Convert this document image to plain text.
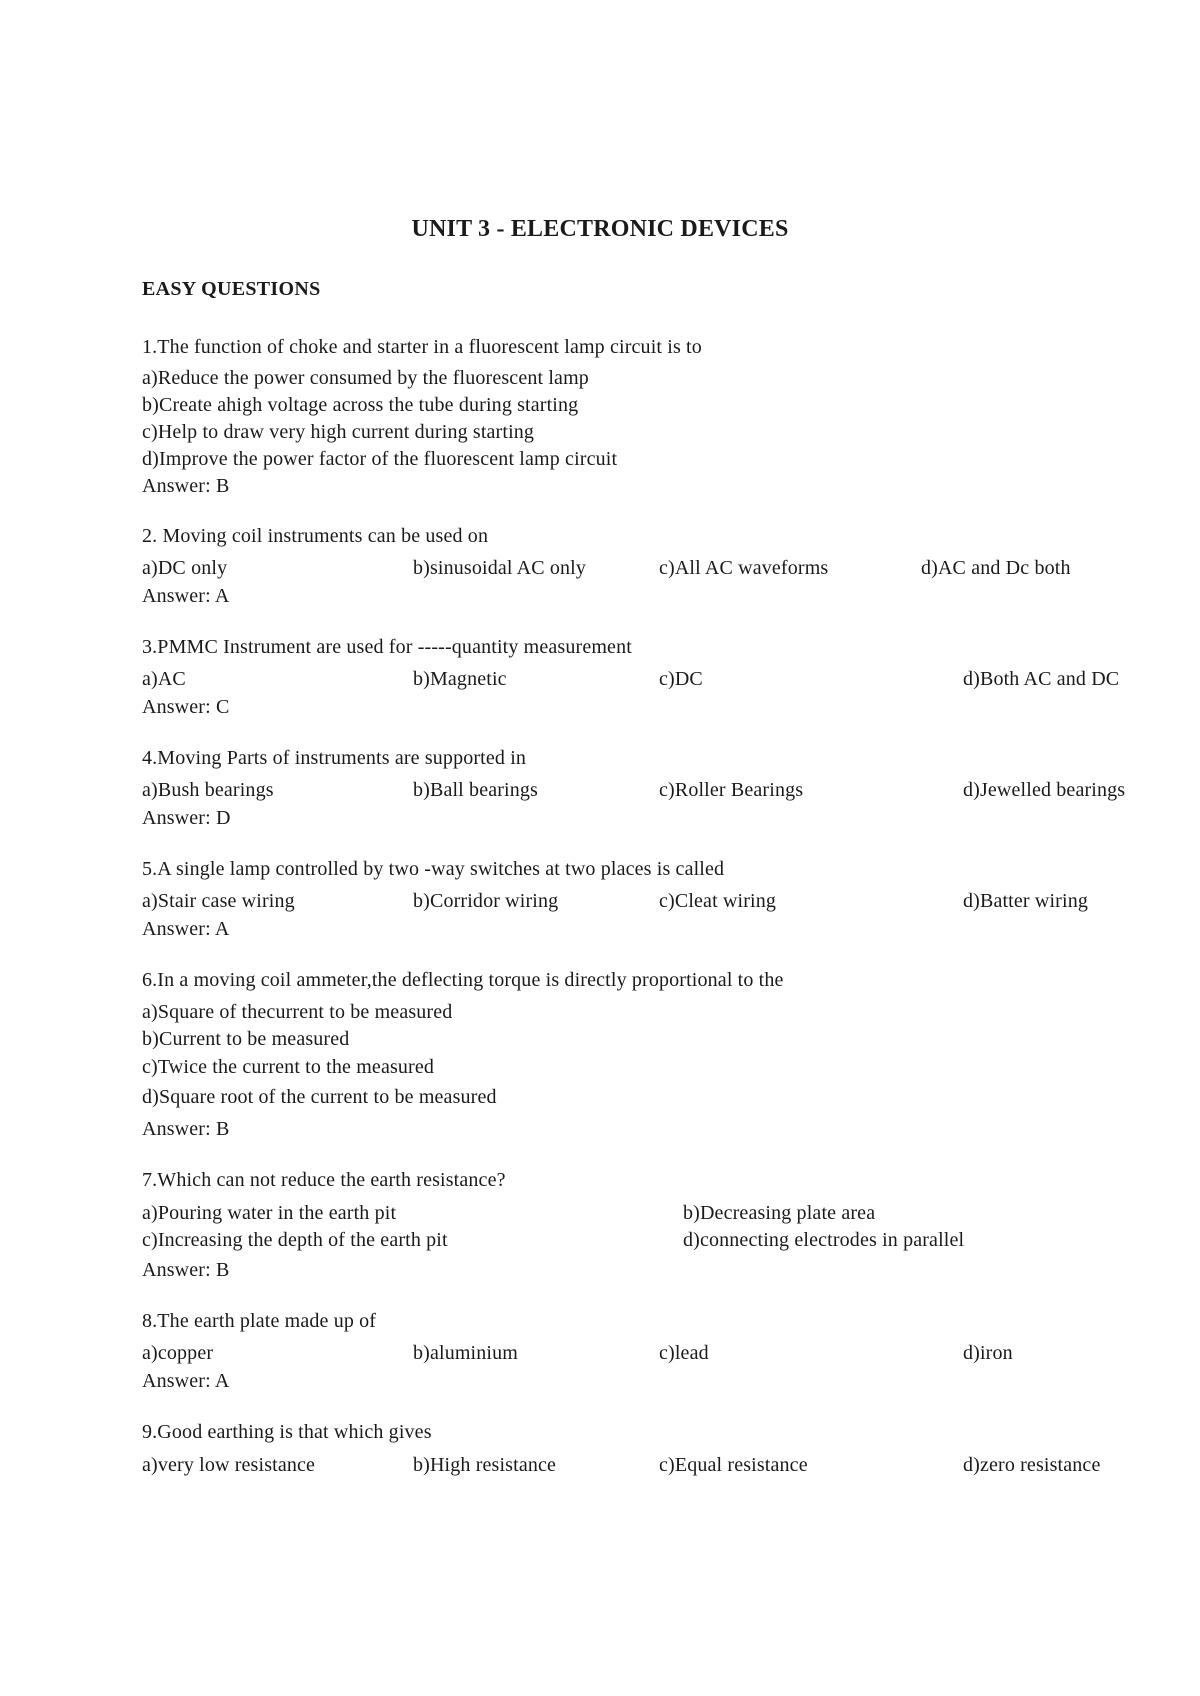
UNIT 3 - ELECTRONIC DEVICES
EASY QUESTIONS
1.The function of choke and starter in a fluorescent lamp circuit is to
a)Reduce the power consumed by the fluorescent lamp
b)Create ahigh voltage across the tube during starting
c)Help to draw very high current during starting
d)Improve the power factor of the fluorescent lamp circuit
Answer: B
2. Moving coil instruments can be used on
a)DC only	b)sinusoidal AC only	c)All AC waveforms	d)AC and Dc both
Answer: A
3.PMMC Instrument are used for -----quantity measurement
a)AC	b)Magnetic	c)DC	d)Both AC and DC
Answer: C
4.Moving Parts of instruments are supported in
a)Bush bearings	b)Ball bearings	c)Roller Bearings	d)Jewelled bearings
Answer: D
5.A single lamp controlled by two -way switches at two places is called
a)Stair case wiring	b)Corridor wiring	c)Cleat wiring	d)Batter wiring
Answer: A
6.In a moving coil ammeter,the deflecting torque is directly proportional to the
a)Square of thecurrent to be measured
b)Current to be measured
c)Twice the current to the measured
d)Square root of the current to be measured
Answer: B
7.Which can not reduce the earth resistance?
a)Pouring water in the earth pit	b)Decreasing plate area
c)Increasing the depth of the earth pit	d)connecting electrodes in parallel
Answer: B
8.The earth plate made up of
a)copper	b)aluminium	c)lead	d)iron
Answer: A
9.Good earthing is that which gives
a)very low resistance	b)High resistance	c)Equal resistance	d)zero resistance
